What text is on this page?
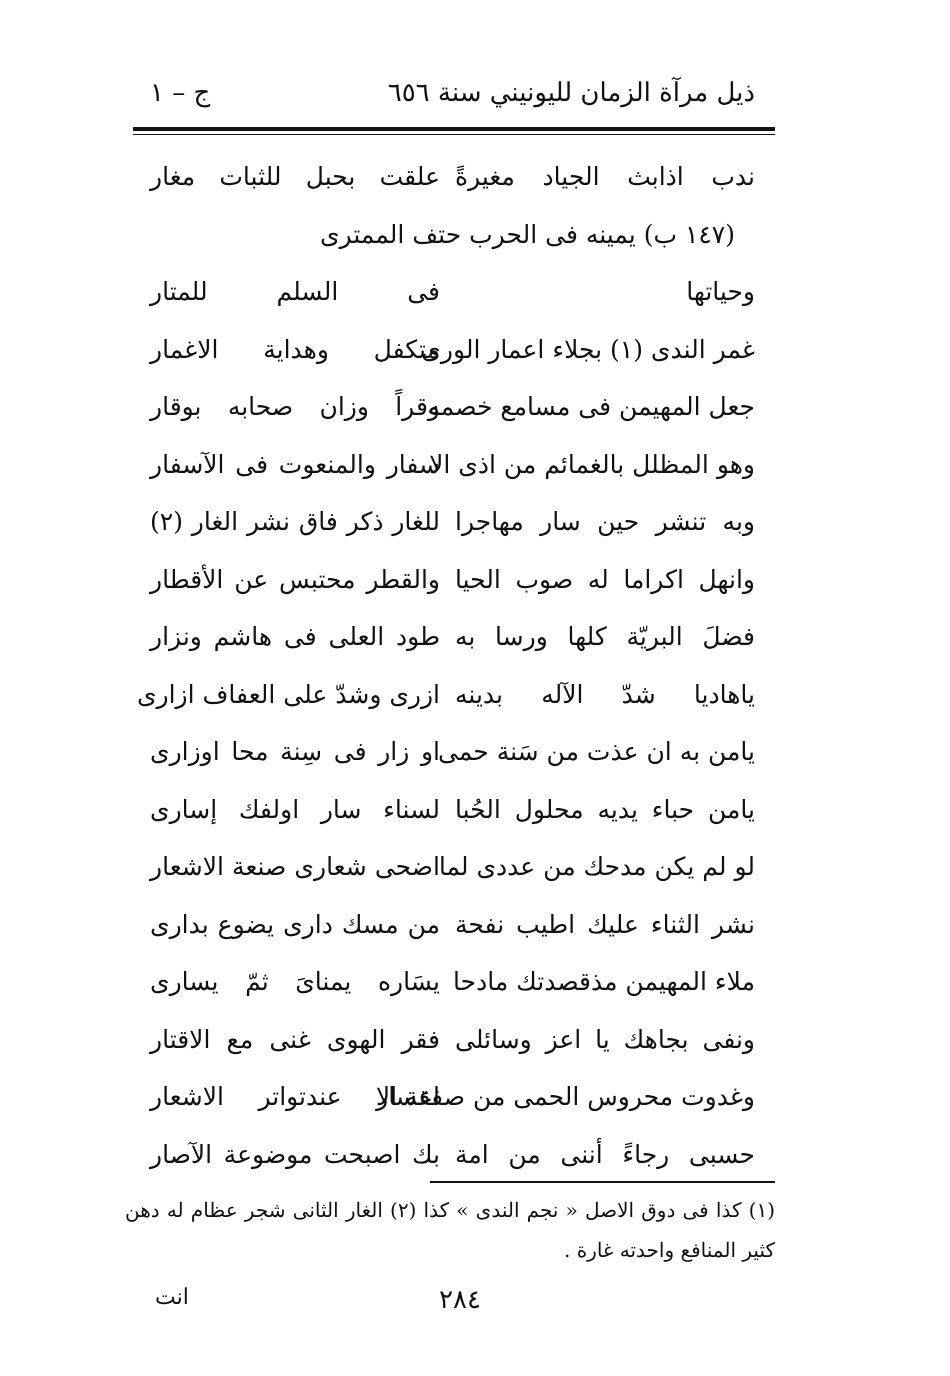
ذيل مرآة الزمان لليونيني سنة ٦٥٦
ج – ١
ندب اذابث الجياد مغيرةً
علقت بحبل للثبات مغار
(١٤٧ ب) يمينه فى الحرب حتف الممترى
وحياتها
فى السلم للمتار
غمر الندى (١) بجلاء اعمار الورى
متكفل وهداية الاغمار
جعل المهيمن فى مسامع خصمه
وقراً وزان صحابه بوقار
وهو المظلل بالغمائم من اذى الا
سفار والمنعوت فى الآسفار
وبه تنشر حين سار مهاجرا
للغار ذكر فاق نشر الغار (٢)
وانهل اكراما له صوب الحيا
والقطر محتبس عن الأقطار
فضلَ البريّة كلها ورسا به
طود العلى فى هاشم ونزار
ياهاديا شدّ الآله بدينه
ازرى وشدّ على العفاف ازارى
يامن به ان عذت من سَنة حمى
او زار فى سِنة محا اوزارى
يامن حباء يديه محلول الحُبا
لسناء سار اولفك إسارى
لو لم يكن مدحك من عددى لما
اضحى شعارى صنعة الاشعار
نشر الثناء عليك اطيب نفحة
من مسك دارى يضوع بدارى
ملاء المهيمن مذقصدتك مادحا
يسَاره يمناىَ ثمّ يسارى
ونفى بجاهك يا اعز وسائلى
فقر الهوى غنى مع الاقتار
وغدوت محروس الحمى من صفقة الا
اعسار عندتواتر الاشعار
حسبى رجاءً أننى من امة
بك اصبحت موضوعة الآصار
(١) كذا فى دوق الاصل « نجم الندى » كذا (٢) الغار الثانى شجر عظام له دهن
كثير المنافع واحدته غارة .
انت	٢٨٤
